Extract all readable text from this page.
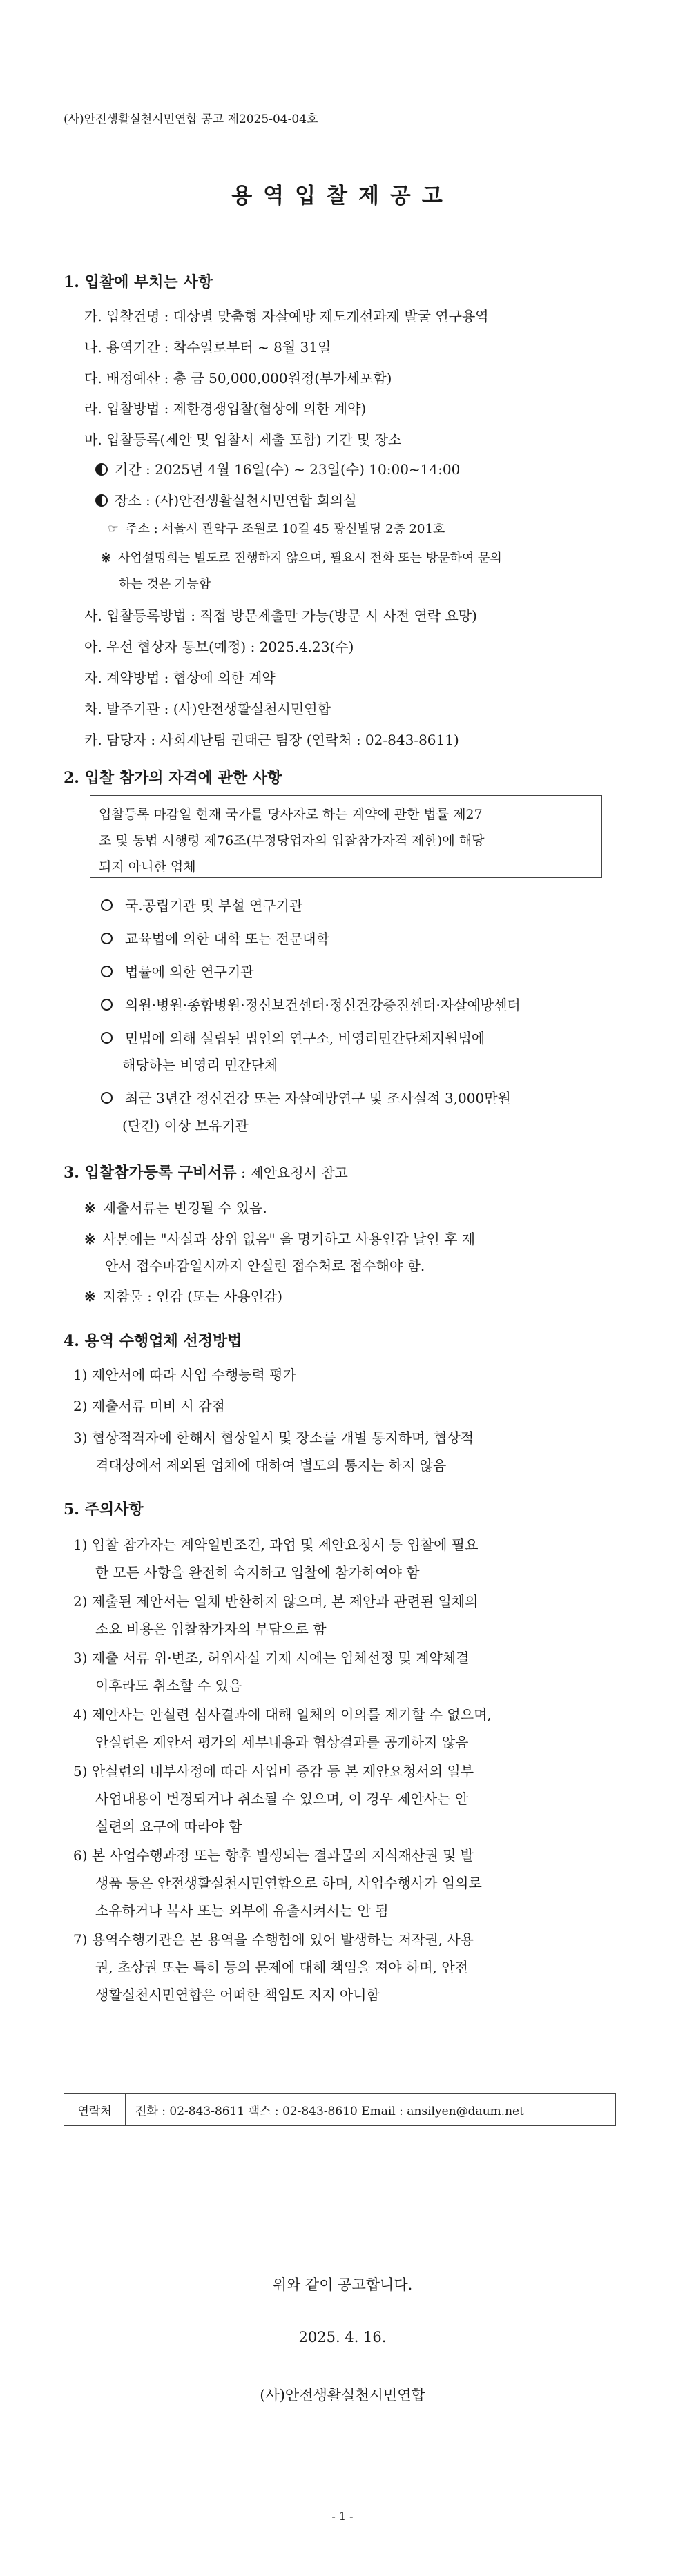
(사)안전생활실천시민연합 공고 제2025-04-04호
용역입찰제공고
1. 입찰에 부치는 사항
가. 입찰건명 : 대상별 맞춤형 자살예방 제도개선과제 발굴 연구용역
나. 용역기간 : 착수일로부터 ~ 8월 31일
다. 배정예산 : 총 금 50,000,000원정(부가세포함)
라. 입찰방법 : 제한경쟁입찰(협상에 의한 계약)
마. 입찰등록(제안 및 입찰서 제출 포함) 기간 및 장소
기간 : 2025년 4월 16일(수) ~ 23일(수) 10:00~14:00
장소 : (사)안전생활실천시민연합 회의실
☞ 주소 : 서울시 관악구 조원로 10길 45 광신빌딩 2층 201호
※ 사업설명회는 별도로 진행하지 않으며, 필요시 전화 또는 방문하여 문의
하는 것은 가능함
사. 입찰등록방법 : 직접 방문제출만 가능(방문 시 사전 연락 요망)
아. 우선 협상자 통보(예정) : 2025.4.23(수)
자. 계약방법 : 협상에 의한 계약
차. 발주기관 : (사)안전생활실천시민연합
카. 담당자 : 사회재난팀 권태근 팀장 (연락처 : 02-843-8611)
2. 입찰 참가의 자격에 관한 사항
입찰등록 마감일 현재 국가를 당사자로 하는 계약에 관한 법률 제27
조 및 동법 시행령 제76조(부정당업자의 입찰참가자격 제한)에 해당
되지 아니한 업체
국.공립기관 및 부설 연구기관
교육법에 의한 대학 또는 전문대학
법률에 의한 연구기관
의원·병원·종합병원·정신보건센터·정신건강증진센터·자살예방센터
민법에 의해 설립된 법인의 연구소, 비영리민간단체지원법에
해당하는 비영리 민간단체
최근 3년간 정신건강 또는 자살예방연구 및 조사실적 3,000만원
(단건) 이상 보유기관
3. 입찰참가등록 구비서류 : 제안요청서 참고
※ 제출서류는 변경될 수 있음.
※ 사본에는 "사실과 상위 없음" 을 명기하고 사용인감 날인 후 제
안서 접수마감일시까지 안실련 접수처로 접수해야 함.
※ 지참물 : 인감 (또는 사용인감)
4. 용역 수행업체 선정방법
1) 제안서에 따라 사업 수행능력 평가
2) 제출서류 미비 시 감점
3) 협상적격자에 한해서 협상일시 및 장소를 개별 통지하며, 협상적
격대상에서 제외된 업체에 대하여 별도의 통지는 하지 않음
5. 주의사항
1) 입찰 참가자는 계약일반조건, 과업 및 제안요청서 등 입찰에 필요
한 모든 사항을 완전히 숙지하고 입찰에 참가하여야 함
2) 제출된 제안서는 일체 반환하지 않으며, 본 제안과 관련된 일체의
소요 비용은 입찰참가자의 부담으로 함
3) 제출 서류 위·변조, 허위사실 기재 시에는 업체선정 및 계약체결
이후라도 취소할 수 있음
4) 제안사는 안실련 심사결과에 대해 일체의 이의를 제기할 수 없으며,
안실련은 제안서 평가의 세부내용과 협상결과를 공개하지 않음
5) 안실련의 내부사정에 따라 사업비 증감 등 본 제안요청서의 일부
사업내용이 변경되거나 취소될 수 있으며, 이 경우 제안사는 안
실련의 요구에 따라야 함
6) 본 사업수행과정 또는 향후 발생되는 결과물의 지식재산권 및 발
생품 등은 안전생활실천시민연합으로 하며, 사업수행사가 임의로
소유하거나 복사 또는 외부에 유출시켜서는 안 됨
7) 용역수행기관은 본 용역을 수행함에 있어 발생하는 저작권, 사용
권, 초상권 또는 특허 등의 문제에 대해 책임을 져야 하며, 안전
생활실천시민연합은 어떠한 책임도 지지 아니함
연락처	전화 : 02-843-8611 팩스 : 02-843-8610 Email : ansilyen@daum.net
위와 같이 공고합니다.
2025. 4. 16.
(사)안전생활실천시민연합
- 1 -
